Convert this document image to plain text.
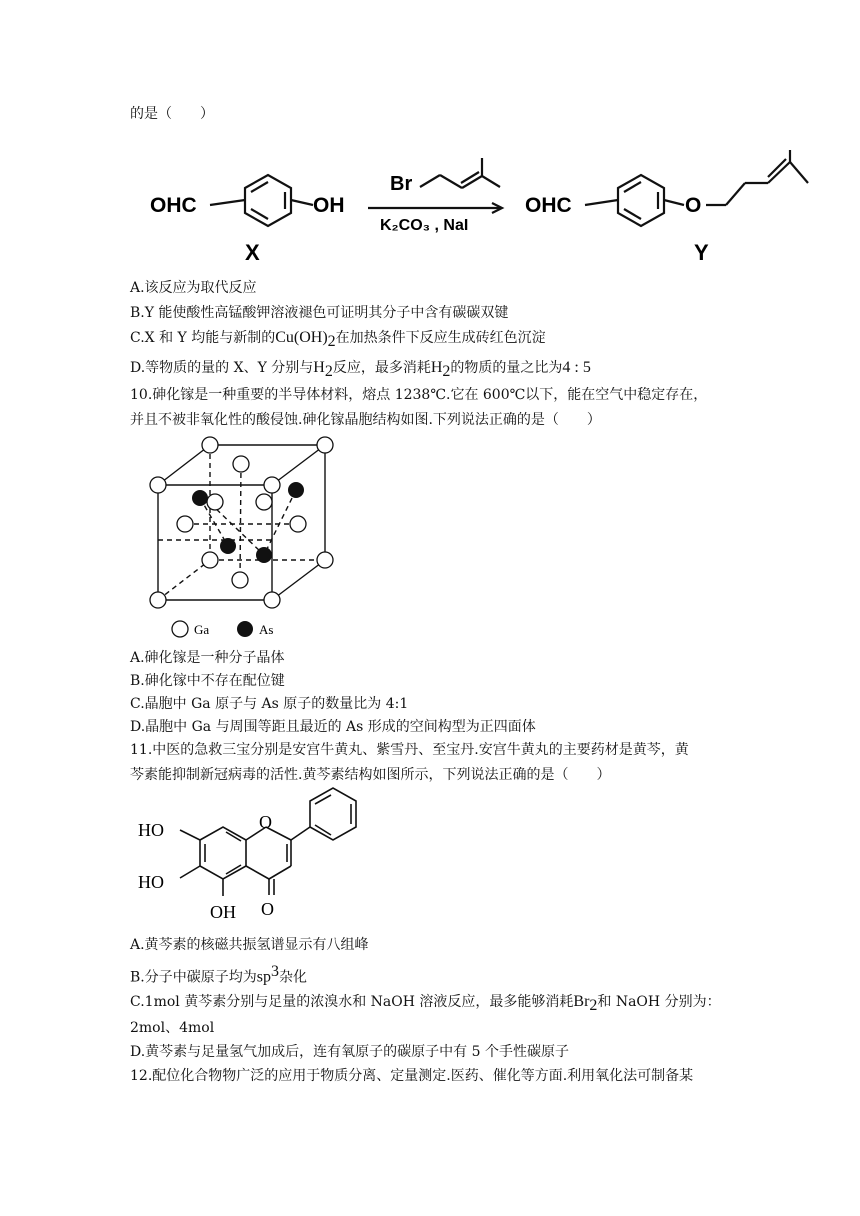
的是（　　）
OHC	OH
Br
K₂CO₃ , NaI
OHC	O
X	Y
A.该反应为取代反应
B.Y 能使酸性高锰酸钾溶液褪色可证明其分子中含有碳碳双键
C.X 和 Y 均能与新制的$Cu(OH)_2$在加热条件下反应生成砖红色沉淀
D.等物质的量的 X、Y 分别与$H_2$反应，最多消耗$H_2$的物质的量之比为4 : 5
10.砷化镓是一种重要的半导体材料，熔点 1238℃.它在 600℃以下，能在空气中稳定存在，
并且不被非氧化性的酸侵蚀.砷化镓晶胞结构如图.下列说法正确的是（　　）
Ga	As
A.砷化镓是一种分子晶体
B.砷化镓中不存在配位键
C.晶胞中 Ga 原子与 As 原子的数量比为 4:1
D.晶胞中 Ga 与周围等距且最近的 As 形成的空间构型为正四面体
11.中医的急救三宝分别是安宫牛黄丸、紫雪丹、至宝丹.安宫牛黄丸的主要药材是黄芩，黄
芩素能抑制新冠病毒的活性.黄芩素结构如图所示，下列说法正确的是（　　）
HO
HO
OH
O
O
A.黄芩素的核磁共振氢谱显示有八组峰
B.分子中碳原子均为$sp^3$杂化
C.1mol 黄芩素分别与足量的浓溴水和 NaOH 溶液反应，最多能够消耗$Br_2$和 NaOH 分别为：
2mol、4mol
D.黄芩素与足量氢气加成后，连有氧原子的碳原子中有 5 个手性碳原子
12.配位化合物物广泛的应用于物质分离、定量测定.医药、催化等方面.利用氧化法可制备某
